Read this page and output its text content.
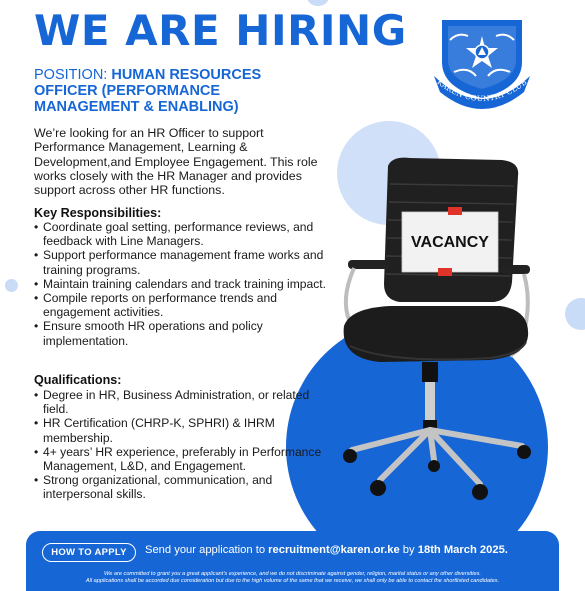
WE ARE HIRING
POSITION: HUMAN RESOURCES OFFICER (PERFORMANCE MANAGEMENT & ENABLING)

We’re looking for an HR Officer to support Performance Management, Learning & Development,and Employee Engagement. This role works closely with the HR Manager and provides support across other HR functions.

Key Responsibilities:
• Coordinate goal setting, performance reviews, and feedback with Line Managers.
• Support performance management frame works and training programs.
• Maintain training calendars and track training impact.
• Compile reports on performance trends and engagement activities.
• Ensure smooth HR operations and policy implementation.
Qualifications:
• Degree in HR, Business Administration, or related field.
• HR Certification (CHRP-K, SPHRI) & IHRM membership.
• 4+ years’ HR experience, preferably in Performance Management, L&D, and Engagement.
• Strong organizational, communication, and interpersonal skills.
KAREN COUNTRY CLUB
VACANCY
HOW TO APPLY	Send your application to recruitment@karen.or.ke by 18th March 2025.
We are committed to grant you a great applicant's experience, and we do not discriminate against gender, religion, marital status or any other diversities.
All applications shall be accorded due consideration but due to the high volume of the same that we receive, we shall only be able to contact the shortlisted candidates.
